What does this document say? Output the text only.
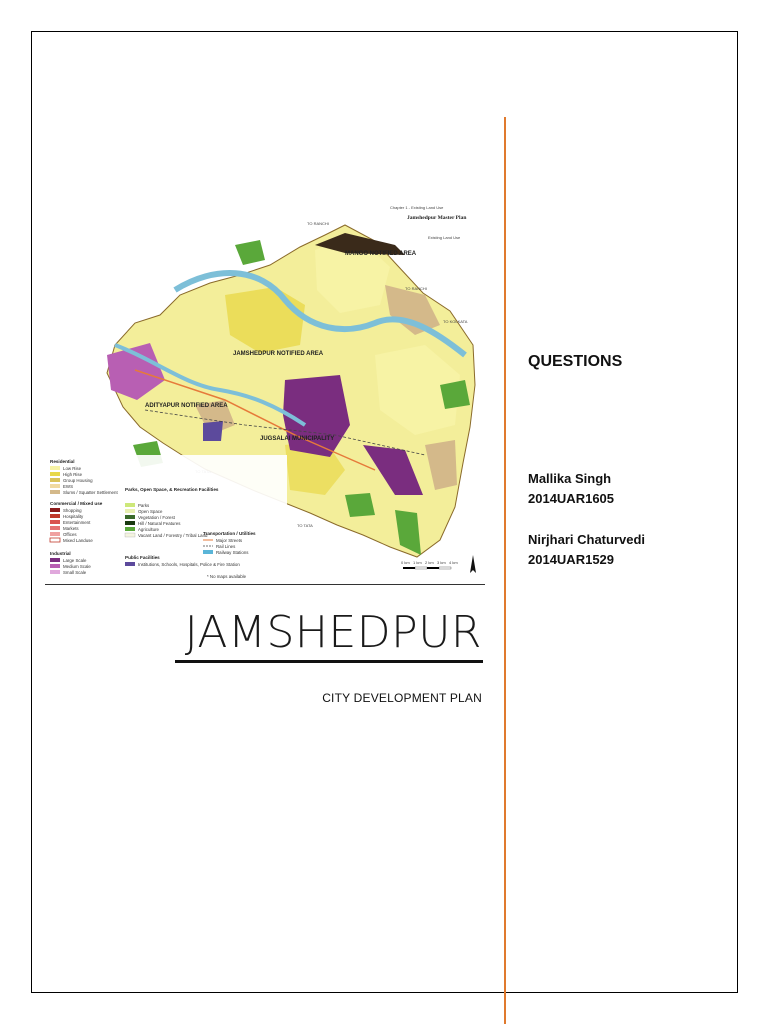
Chapter 1 - Existing Land Use
Jamshedpur Master Plan
Existing Land Use
MANGO NOTIFIED AREA
JAMSHEDPUR NOTIFIED AREA
ADITYAPUR NOTIFIED AREA
JUGSALAI MUNICIPALITY
TO RANCHI
TO RANCHI
TO KOLKATA
TO TATA
Residential
Low Rise
High Rise
Group Housing
EWS
Slums / Squatter Settlement
Commercial / Mixed use
Shopping
Hospitality
Entertainment
Markets
Offices
Mixed Landuse
Industrial
Large Scale
Medium Scale
Small Scale
Parks, Open Space, & Recreation Facilities
Parks
Open Space
Vegetation / Forest
Hill / Natural Features
Agriculture
Vacant Land / Forestry / Tribal Land
Public Facilities
Institutions, Schools, Hospitals, Police & Fire Station
Transportation / Utilities
Major Streets
Rail Lines
Railway Stations
* No maps available
0 km 1 km 2 km 3 km 4 km
JAMSHEDPUR
CITY DEVELOPMENT PLAN
QUESTIONS
Mallika Singh
2014UAR1605
Nirjhari Chaturvedi
2014UAR1529
